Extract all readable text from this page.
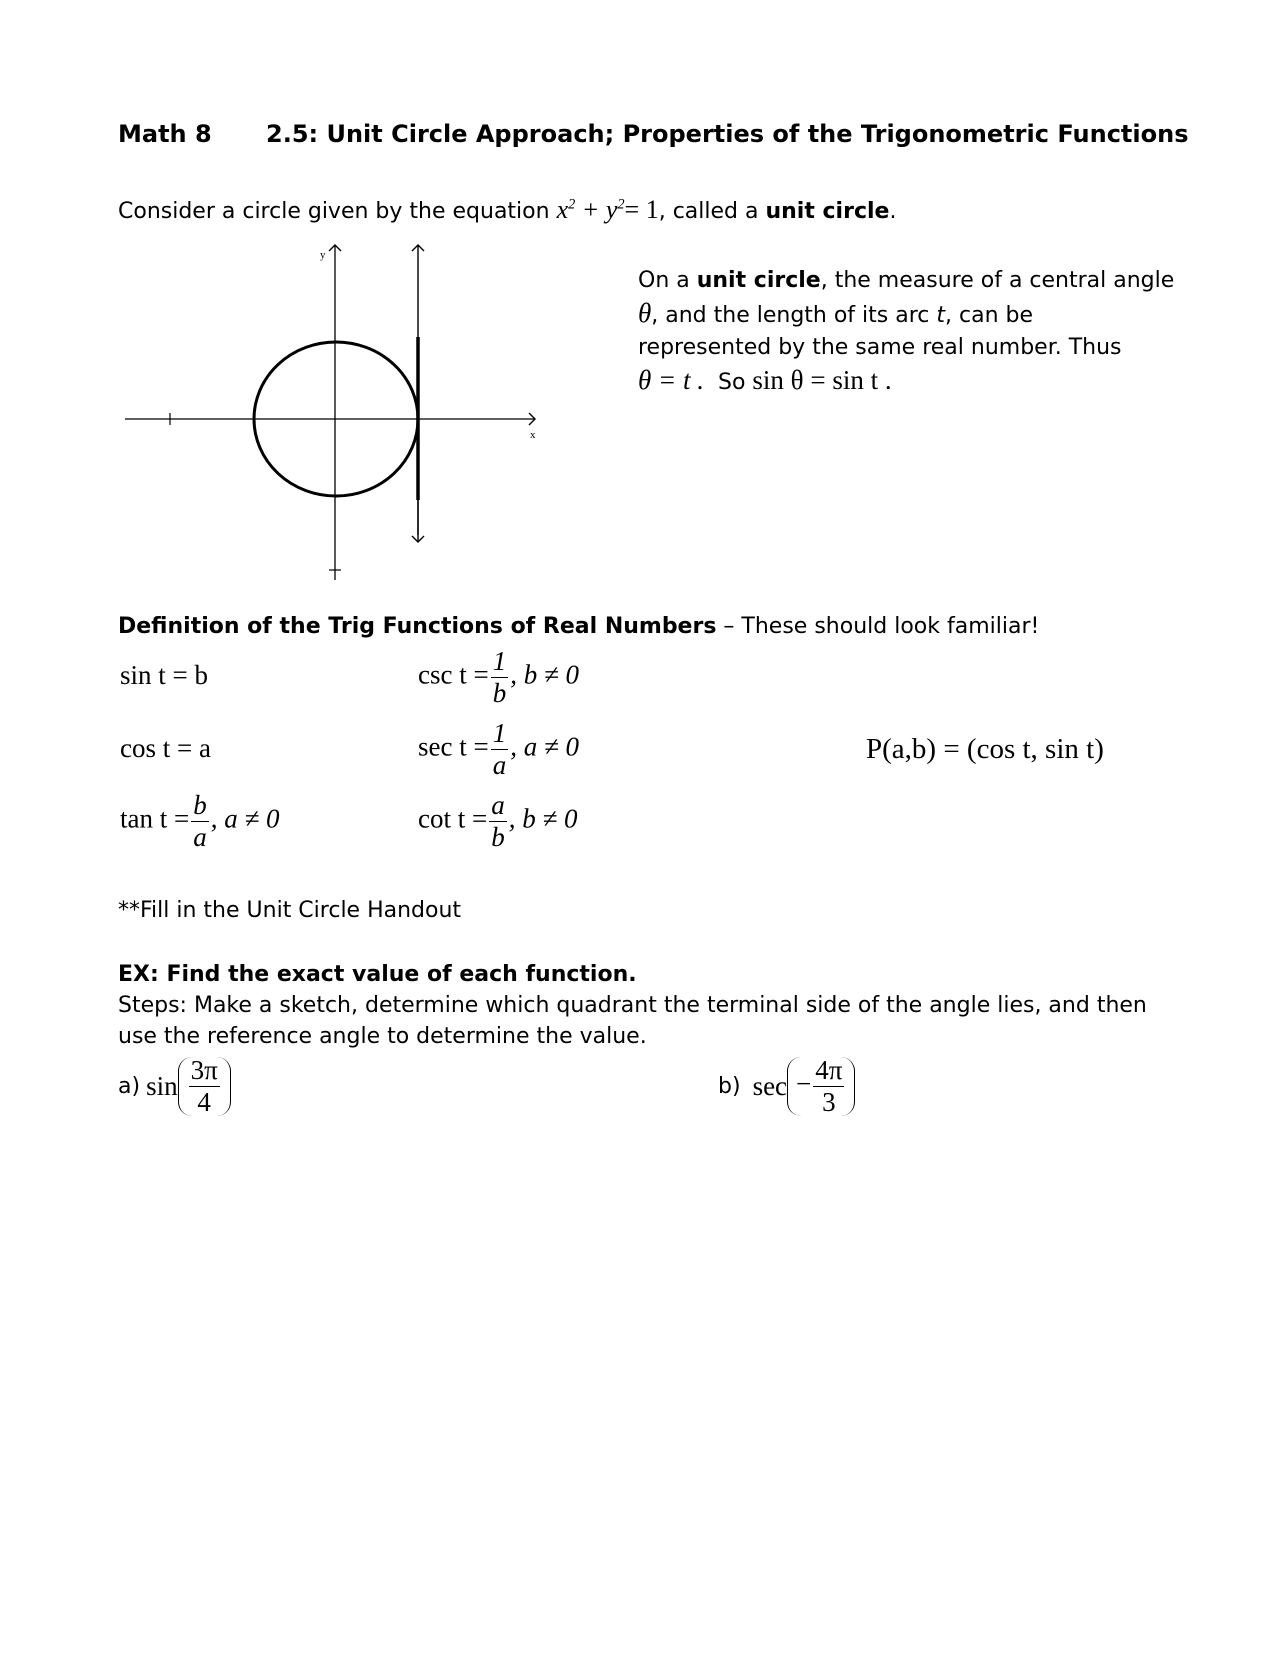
Math 8 2.5: Unit Circle Approach; Properties of the Trigonometric Functions
Consider a circle given by the equation $x^2 + y^2= 1$, called a unit circle.
x
y
On a unit circle, the measure of a central angle
θ, and the length of its arc t, can be
represented by the same real number. Thus
θ = t . So sin θ = sin t .
Definition of the Trig Functions of Real Numbers – These should look familiar!
sin t = b
cos t = a
$\tan t = \frac{b}{a}$ , a ≠ 0
$\csc t = \frac{1}{b}$ , b ≠ 0
$\sec t = \frac{1}{a}$ , a ≠ 0
$\cot t = \frac{a}{b}$ , b ≠ 0
P(a,b) = (cos t, sin t)
**Fill in the Unit Circle Handout
EX: Find the exact value of each function.
Steps: Make a sketch, determine which quadrant the terminal side of the angle lies, and then
use the reference angle to determine the value.
a) $\sin \frac{3\pi}{4}$	b) $\sec - \frac{4\pi}{3}$
